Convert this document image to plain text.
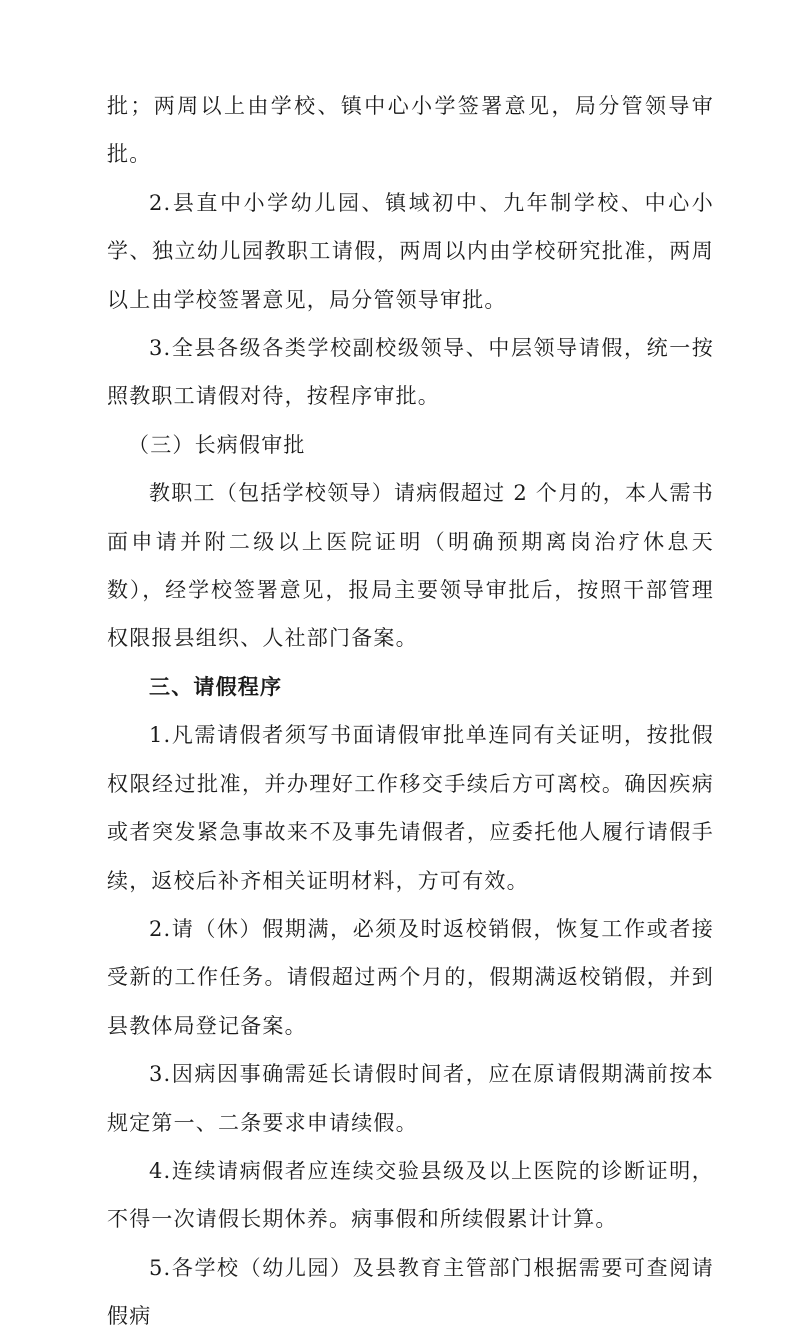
批；两周以上由学校、镇中心小学签署意见，局分管领导审批。

2.县直中小学幼儿园、镇域初中、九年制学校、中心小学、独立幼儿园教职工请假，两周以内由学校研究批准，两周以上由学校签署意见，局分管领导审批。

3.全县各级各类学校副校级领导、中层领导请假，统一按照教职工请假对待，按程序审批。

（三）长病假审批

教职工（包括学校领导）请病假超过 2 个月的，本人需书面申请并附二级以上医院证明（明确预期离岗治疗休息天数），经学校签署意见，报局主要领导审批后，按照干部管理权限报县组织、人社部门备案。

三、请假程序

1.凡需请假者须写书面请假审批单连同有关证明，按批假权限经过批准，并办理好工作移交手续后方可离校。确因疾病或者突发紧急事故来不及事先请假者，应委托他人履行请假手续，返校后补齐相关证明材料，方可有效。

2.请（休）假期满，必须及时返校销假，恢复工作或者接受新的工作任务。请假超过两个月的，假期满返校销假，并到县教体局登记备案。

3.因病因事确需延长请假时间者，应在原请假期满前按本规定第一、二条要求申请续假。

4.连续请病假者应连续交验县级及以上医院的诊断证明，不得一次请假长期休养。病事假和所续假累计计算。

5.各学校（幼儿园）及县教育主管部门根据需要可查阅请假病
